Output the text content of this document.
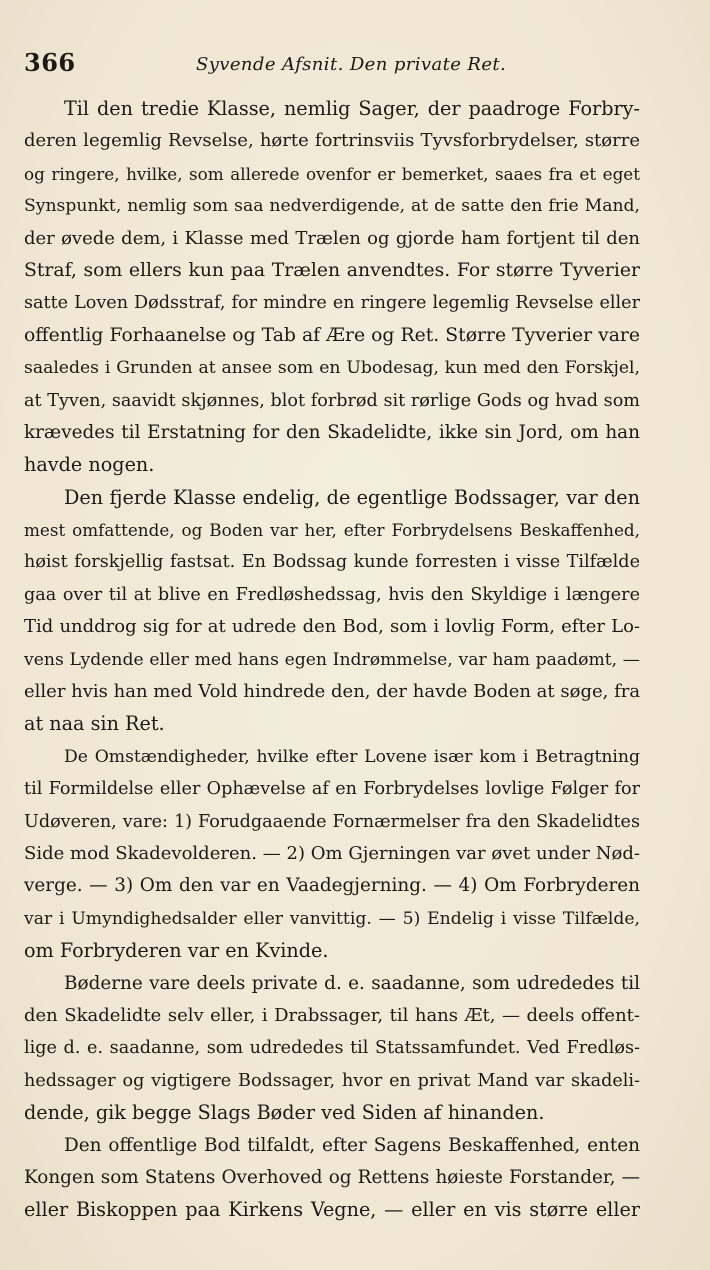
366	Syvende Afsnit. Den private Ret.
Til den tredie Klasse, nemlig Sager, der paadroge Forbry-
deren legemlig Revselse, hørte fortrinsviis Tyvsforbrydelser, større
og ringere, hvilke, som allerede ovenfor er bemerket, saaes fra et eget
Synspunkt, nemlig som saa nedverdigende, at de satte den frie Mand,
der øvede dem, i Klasse med Trælen og gjorde ham fortjent til den
Straf, som ellers kun paa Trælen anvendtes. For større Tyverier
satte Loven Dødsstraf, for mindre en ringere legemlig Revselse eller
offentlig Forhaanelse og Tab af Ære og Ret. Større Tyverier vare
saaledes i Grunden at ansee som en Ubodesag, kun med den Forskjel,
at Tyven, saavidt skjønnes, blot forbrød sit rørlige Gods og hvad som
krævedes til Erstatning for den Skadelidte, ikke sin Jord, om han
havde nogen.
Den fjerde Klasse endelig, de egentlige Bodssager, var den
mest omfattende, og Boden var her, efter Forbrydelsens Beskaffenhed,
høist forskjellig fastsat. En Bodssag kunde forresten i visse Tilfælde
gaa over til at blive en Fredløshedssag, hvis den Skyldige i længere
Tid unddrog sig for at udrede den Bod, som i lovlig Form, efter Lo-
vens Lydende eller med hans egen Indrømmelse, var ham paadømt, —
eller hvis han med Vold hindrede den, der havde Boden at søge, fra
at naa sin Ret.
De Omstændigheder, hvilke efter Lovene især kom i Betragtning
til Formildelse eller Ophævelse af en Forbrydelses lovlige Følger for
Udøveren, vare: 1) Forudgaaende Fornærmelser fra den Skadelidtes
Side mod Skadevolderen. — 2) Om Gjerningen var øvet under Nød-
verge. — 3) Om den var en Vaadegjerning. — 4) Om Forbryderen
var i Umyndighedsalder eller vanvittig. — 5) Endelig i visse Tilfælde,
om Forbryderen var en Kvinde.
Bøderne vare deels private d. e. saadanne, som udrededes til
den Skadelidte selv eller, i Drabssager, til hans Æt, — deels offent-
lige d. e. saadanne, som udrededes til Statssamfundet. Ved Fredløs-
hedssager og vigtigere Bodssager, hvor en privat Mand var skadeli-
dende, gik begge Slags Bøder ved Siden af hinanden.
Den offentlige Bod tilfaldt, efter Sagens Beskaffenhed, enten
Kongen som Statens Overhoved og Rettens høieste Forstander, —
eller Biskoppen paa Kirkens Vegne, — eller en vis større eller
